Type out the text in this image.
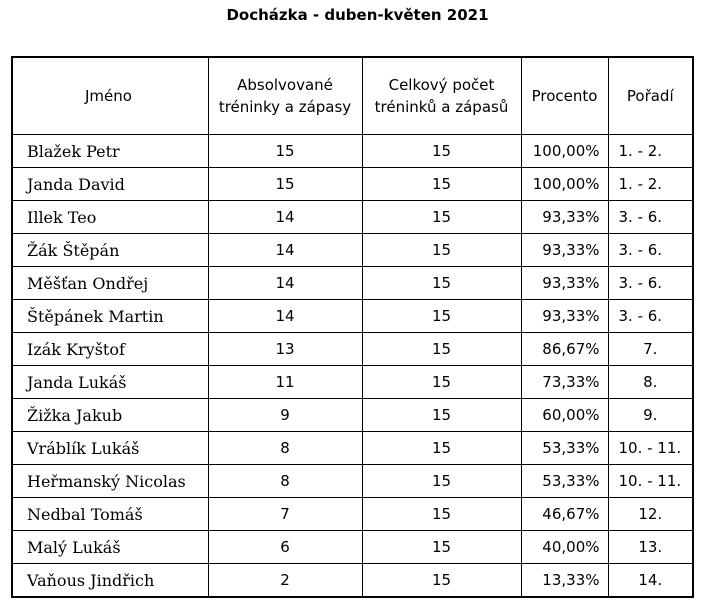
Docházka - duben-květen 2021
Jméno	Absolvované tréninky a zápasy	Celkový počet tréninků a zápasů	Procento	Pořadí
Blažek Petr	15	15	100,00%	1. - 2.
Janda David	15	15	100,00%	1. - 2.
Illek Teo	14	15	93,33%	3. - 6.
Žák Štěpán	14	15	93,33%	3. - 6.
Měšťan Ondřej	14	15	93,33%	3. - 6.
Štěpánek Martin	14	15	93,33%	3. - 6.
Izák Kryštof	13	15	86,67%	7.
Janda Lukáš	11	15	73,33%	8.
Žižka Jakub	9	15	60,00%	9.
Vráblík Lukáš	8	15	53,33%	10. - 11.
Heřmanský Nicolas	8	15	53,33%	10. - 11.
Nedbal Tomáš	7	15	46,67%	12.
Malý Lukáš	6	15	40,00%	13.
Vaňous Jindřich	2	15	13,33%	14.
